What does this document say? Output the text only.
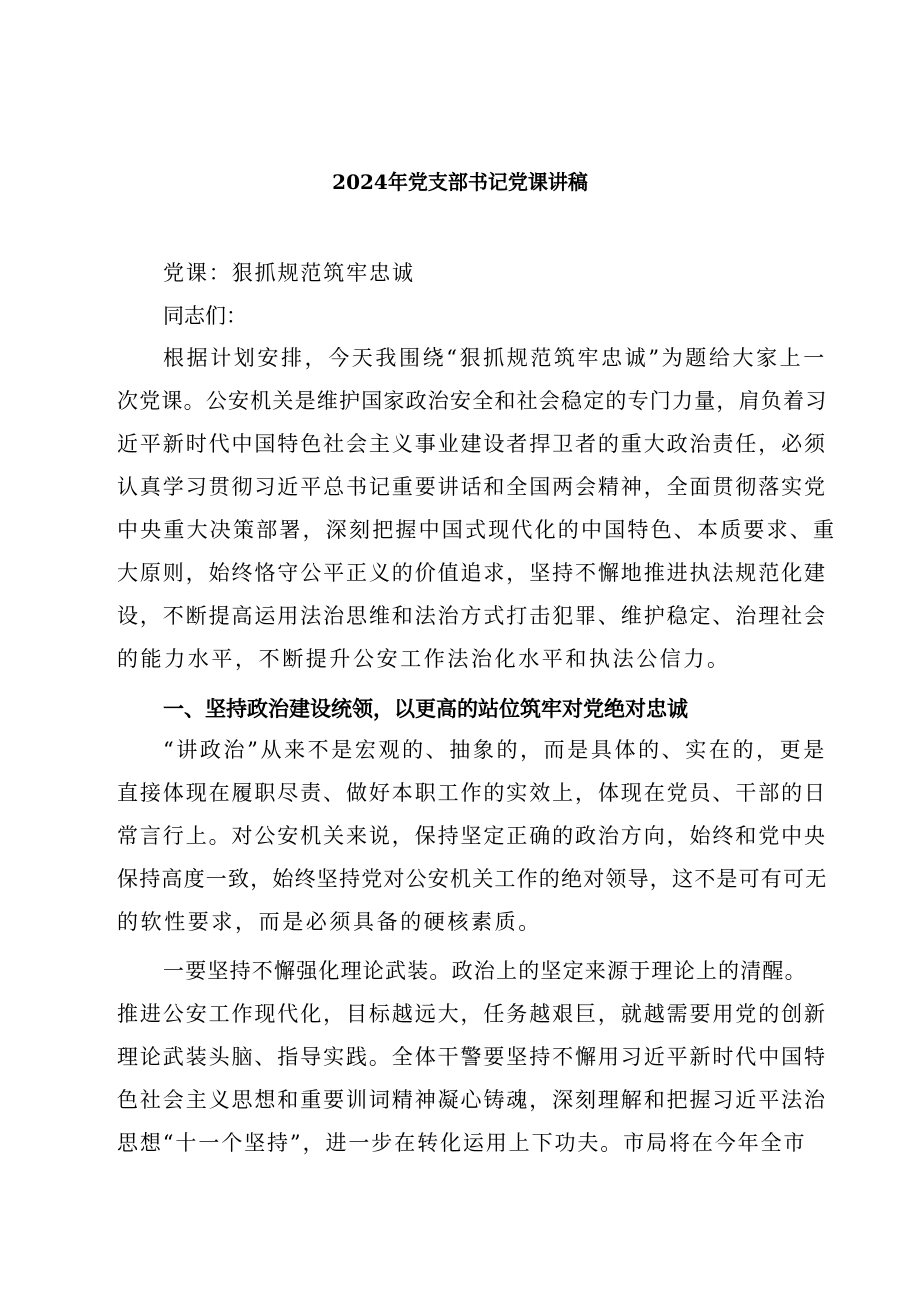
2024年党支部书记党课讲稿

党课：狠抓规范筑牢忠诚

同志们：

根据计划安排，今天我围绕“狠抓规范筑牢忠诚”为题给大家上一

次党课。公安机关是维护国家政治安全和社会稳定的专门力量，肩负着习

近平新时代中国特色社会主义事业建设者捍卫者的重大政治责任，必须

认真学习贯彻习近平总书记重要讲话和全国两会精神，全面贯彻落实党

中央重大决策部署，深刻把握中国式现代化的中国特色、本质要求、重

大原则，始终恪守公平正义的价值追求，坚持不懈地推进执法规范化建

设，不断提高运用法治思维和法治方式打击犯罪、维护稳定、治理社会

的能力水平，不断提升公安工作法治化水平和执法公信力。

一、坚持政治建设统领，以更高的站位筑牢对党绝对忠诚

“讲政治”从来不是宏观的、抽象的，而是具体的、实在的，更是

直接体现在履职尽责、做好本职工作的实效上，体现在党员、干部的日

常言行上。对公安机关来说，保持坚定正确的政治方向，始终和党中央

保持高度一致，始终坚持党对公安机关工作的绝对领导，这不是可有可无

的软性要求，而是必须具备的硬核素质。

一要坚持不懈强化理论武装。政治上的坚定来源于理论上的清醒。

推进公安工作现代化，目标越远大，任务越艰巨，就越需要用党的创新

理论武装头脑、指导实践。全体干警要坚持不懈用习近平新时代中国特

色社会主义思想和重要训词精神凝心铸魂，深刻理解和把握习近平法治

思想“十一个坚持”，进一步在转化运用上下功夫。市局将在今年全市
